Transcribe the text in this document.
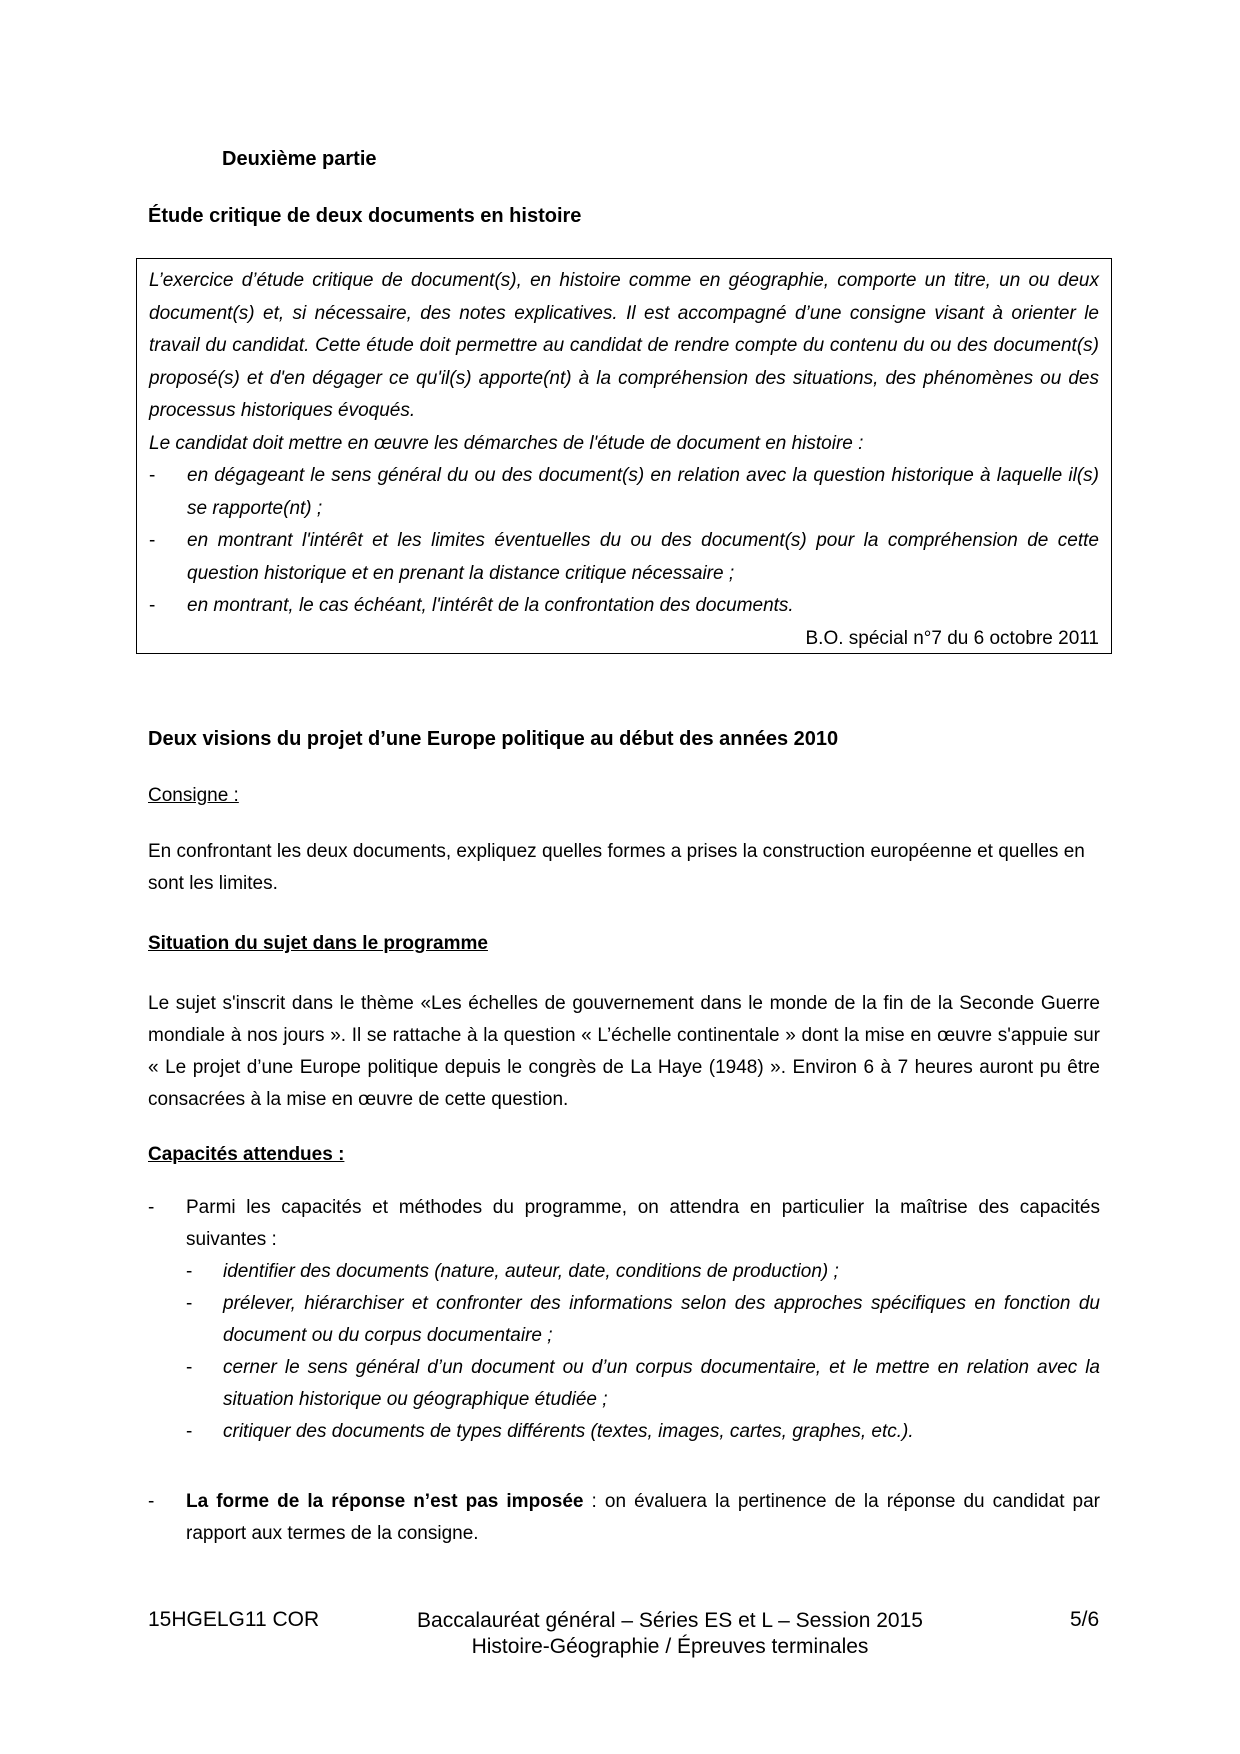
Deuxième partie
Étude critique de deux documents en histoire
L’exercice d’étude critique de document(s), en histoire comme en géographie, comporte un titre, un ou deux document(s) et, si nécessaire, des notes explicatives. Il est accompagné d’une consigne visant à orienter le travail du candidat. Cette étude doit permettre au candidat de rendre compte du contenu du ou des document(s) proposé(s) et d'en dégager ce qu'il(s) apporte(nt) à la compréhension des situations, des phénomènes ou des processus historiques évoqués.
Le candidat doit mettre en œuvre les démarches de l'étude de document en histoire :
- en dégageant le sens général du ou des document(s) en relation avec la question historique à laquelle il(s) se rapporte(nt) ;
- en montrant l'intérêt et les limites éventuelles du ou des document(s) pour la compréhension de cette question historique et en prenant la distance critique nécessaire ;
- en montrant, le cas échéant, l'intérêt de la confrontation des documents.
B.O. spécial n°7 du 6 octobre 2011
Deux visions du projet d’une Europe politique au début des années 2010
Consigne :
En confrontant les deux documents, expliquez quelles formes a prises la construction européenne et quelles en sont les limites.
Situation du sujet dans le programme
Le sujet s'inscrit dans le thème «Les échelles de gouvernement dans le monde de la fin de la Seconde Guerre mondiale à nos jours ». Il se rattache à la question « L’échelle continentale » dont la mise en œuvre s'appuie sur « Le projet d’une Europe politique depuis le congrès de La Haye (1948) ». Environ 6 à 7 heures auront pu être consacrées à la mise en œuvre de cette question.
Capacités attendues :
- Parmi les capacités et méthodes du programme, on attendra en particulier la maîtrise des capacités suivantes :
- identifier des documents (nature, auteur, date, conditions de production) ;
- prélever, hiérarchiser et confronter des informations selon des approches spécifiques en fonction du document ou du corpus documentaire ;
- cerner le sens général d’un document ou d’un corpus documentaire, et le mettre en relation avec la situation historique ou géographique étudiée ;
- critiquer des documents de types différents (textes, images, cartes, graphes, etc.).
- La forme de la réponse n’est pas imposée : on évaluera la pertinence de la réponse du candidat par rapport aux termes de la consigne.
15HGELG11 COR	Baccalauréat général – Séries ES et L – Session 2015
Histoire-Géographie / Épreuves terminales
5/6
